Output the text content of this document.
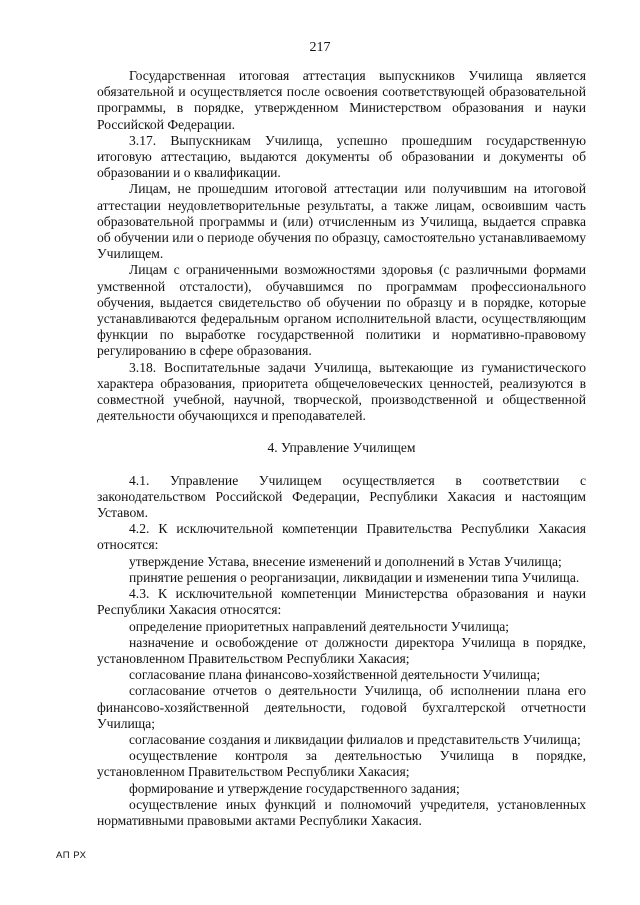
217

Государственная итоговая аттестация выпускников Училища является обязательной и осуществляется после освоения соответствующей образовательной программы, в порядке, утвержденном Министерством образования и науки Российской Федерации.

3.17. Выпускникам Училища, успешно прошедшим государственную итоговую аттестацию, выдаются документы об образовании и документы об образовании и о квалификации.

Лицам, не прошедшим итоговой аттестации или получившим на итоговой аттестации неудовлетворительные результаты, а также лицам, освоившим часть образовательной программы и (или) отчисленным из Училища, выдается справка об обучении или о периоде обучения по образцу, самостоятельно устанавливаемому Училищем.

Лицам с ограниченными возможностями здоровья (с различными формами умственной отсталости), обучавшимся по программам профессионального обучения, выдается свидетельство об обучении по образцу и в порядке, которые устанавливаются федеральным органом исполнительной власти, осуществляющим функции по выработке государственной политики и нормативно-правовому регулированию в сфере образования.

3.18. Воспитательные задачи Училища, вытекающие из гуманистического характера образования, приоритета общечеловеческих ценностей, реализуются в совместной учебной, научной, творческой, производственной и общественной деятельности обучающихся и преподавателей.

4. Управление Училищем

4.1. Управление Училищем осуществляется в соответствии с законодательством Российской Федерации, Республики Хакасия и настоящим Уставом.

4.2. К исключительной компетенции Правительства Республики Хакасия относятся:

утверждение Устава, внесение изменений и дополнений в Устав Училища;

принятие решения о реорганизации, ликвидации и изменении типа Училища.

4.3. К исключительной компетенции Министерства образования и науки Республики Хакасия относятся:

определение приоритетных направлений деятельности Училища;

назначение и освобождение от должности директора Училища в порядке, установленном Правительством Республики Хакасия;

согласование плана финансово-хозяйственной деятельности Училища;

согласование отчетов о деятельности Училища, об исполнении плана его финансово-хозяйственной деятельности, годовой бухгалтерской отчетности Училища;

согласование создания и ликвидации филиалов и представительств Училища;

осуществление контроля за деятельностью Училища в порядке, установленном Правительством Республики Хакасия;

формирование и утверждение государственного задания;

осуществление иных функций и полномочий учредителя, установленных нормативными правовыми актами Республики Хакасия.

АП РХ
